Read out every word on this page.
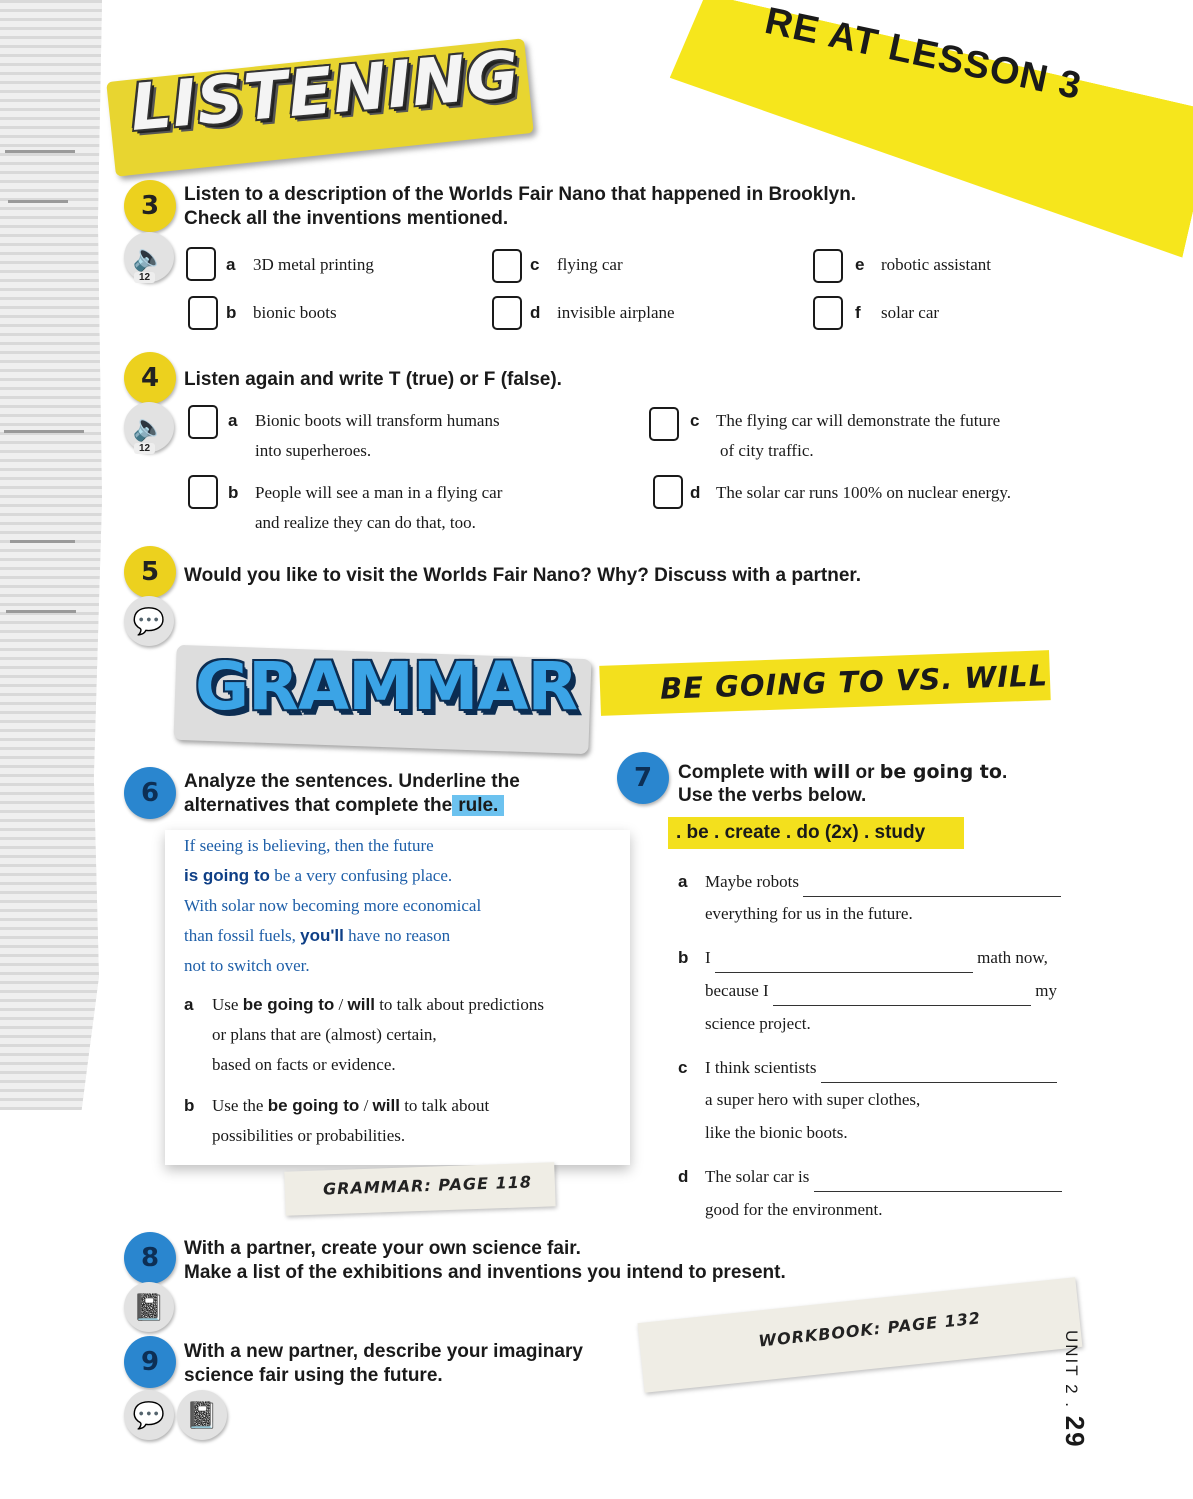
RE AT LESSON 3
LISTENING
3
🔈
12
Listen to a description of the Worlds Fair Nano that happened in Brooklyn.
Check all the inventions mentioned.
a 3D metal printing
b bionic boots
c flying car
d invisible airplane
e robotic assistant
f solar car
4
🔈
12
Listen again and write T (true) or F (false).
a Bionic boots will transform humans
into superheroes.
b People will see a man in a flying car
and realize they can do that, too.
c The flying car will demonstrate the future
of city traffic.
d The solar car runs 100% on nuclear energy.
5
💬
Would you like to visit the Worlds Fair Nano? Why? Discuss with a partner.
GRAMMAR	BE GOING TO VS. WILL
6	Analyze the sentences. Underline the
alternatives that complete the rule.
If seeing is believing, then the future
is going to be a very confusing place.
With solar now becoming more economical
than fossil fuels, you'll have no reason
not to switch over.
a Use be going to / will to talk about predictions
or plans that are (almost) certain,
based on facts or evidence.
b Use the be going to / will to talk about
possibilities or probabilities.
GRAMMAR: PAGE 118
7	Complete with will or be going to.
Use the verbs below.
. be . create . do (2x) . study
a Maybe robots
everything for us in the future.
b I	math now,
because I	my
science project.
c I think scientists
a super hero with super clothes,
like the bionic boots.
d The solar car is
good for the environment.
8
📓
With a partner, create your own science fair.
Make a list of the exhibitions and inventions you intend to present.
9
💬 📓
With a new partner, describe your imaginary
science fair using the future.
WORKBOOK: PAGE 132
UNIT 2 . 29
